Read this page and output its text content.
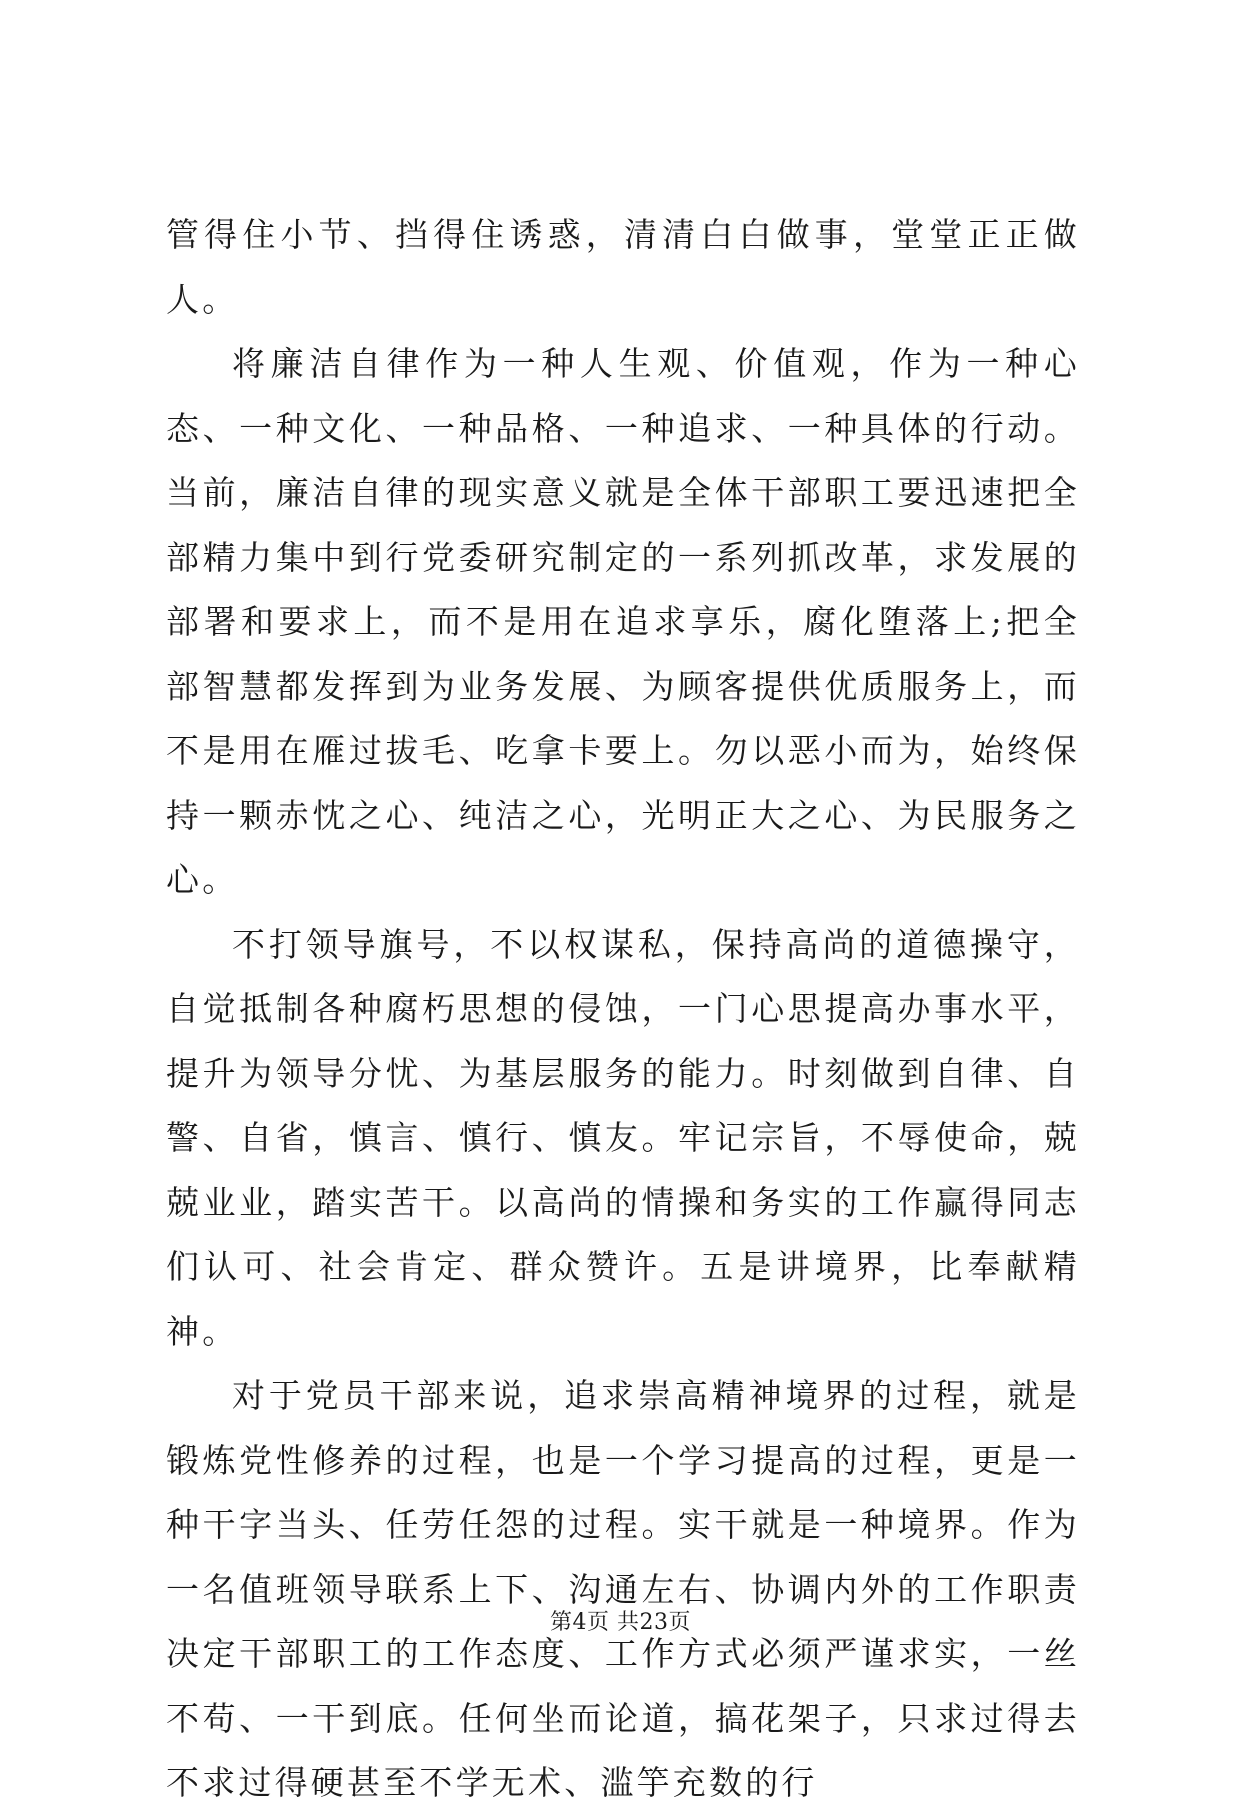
管得住小节、挡得住诱惑，清清白白做事，堂堂正正做人。

将廉洁自律作为一种人生观、价值观，作为一种心态、一种文化、一种品格、一种追求、一种具体的行动。当前，廉洁自律的现实意义就是全体干部职工要迅速把全部精力集中到行党委研究制定的一系列抓改革，求发展的部署和要求上，而不是用在追求享乐，腐化堕落上;把全部智慧都发挥到为业务发展、为顾客提供优质服务上，而不是用在雁过拔毛、吃拿卡要上。勿以恶小而为，始终保持一颗赤忱之心、纯洁之心，光明正大之心、为民服务之心。

不打领导旗号，不以权谋私，保持高尚的道德操守，自觉抵制各种腐朽思想的侵蚀，一门心思提高办事水平，提升为领导分忧、为基层服务的能力。时刻做到自律、自警、自省，慎言、慎行、慎友。牢记宗旨，不辱使命，兢兢业业，踏实苦干。以高尚的情操和务实的工作赢得同志们认可、社会肯定、群众赞许。五是讲境界，比奉献精神。

对于党员干部来说，追求崇高精神境界的过程，就是锻炼党性修养的过程，也是一个学习提高的过程，更是一种干字当头、任劳任怨的过程。实干就是一种境界。作为一名值班领导联系上下、沟通左右、协调内外的工作职责决定干部职工的工作态度、工作方式必须严谨求实，一丝不苟、一干到底。任何坐而论道，搞花架子，只求过得去不求过得硬甚至不学无术、滥竽充数的行

第4页 共23页
